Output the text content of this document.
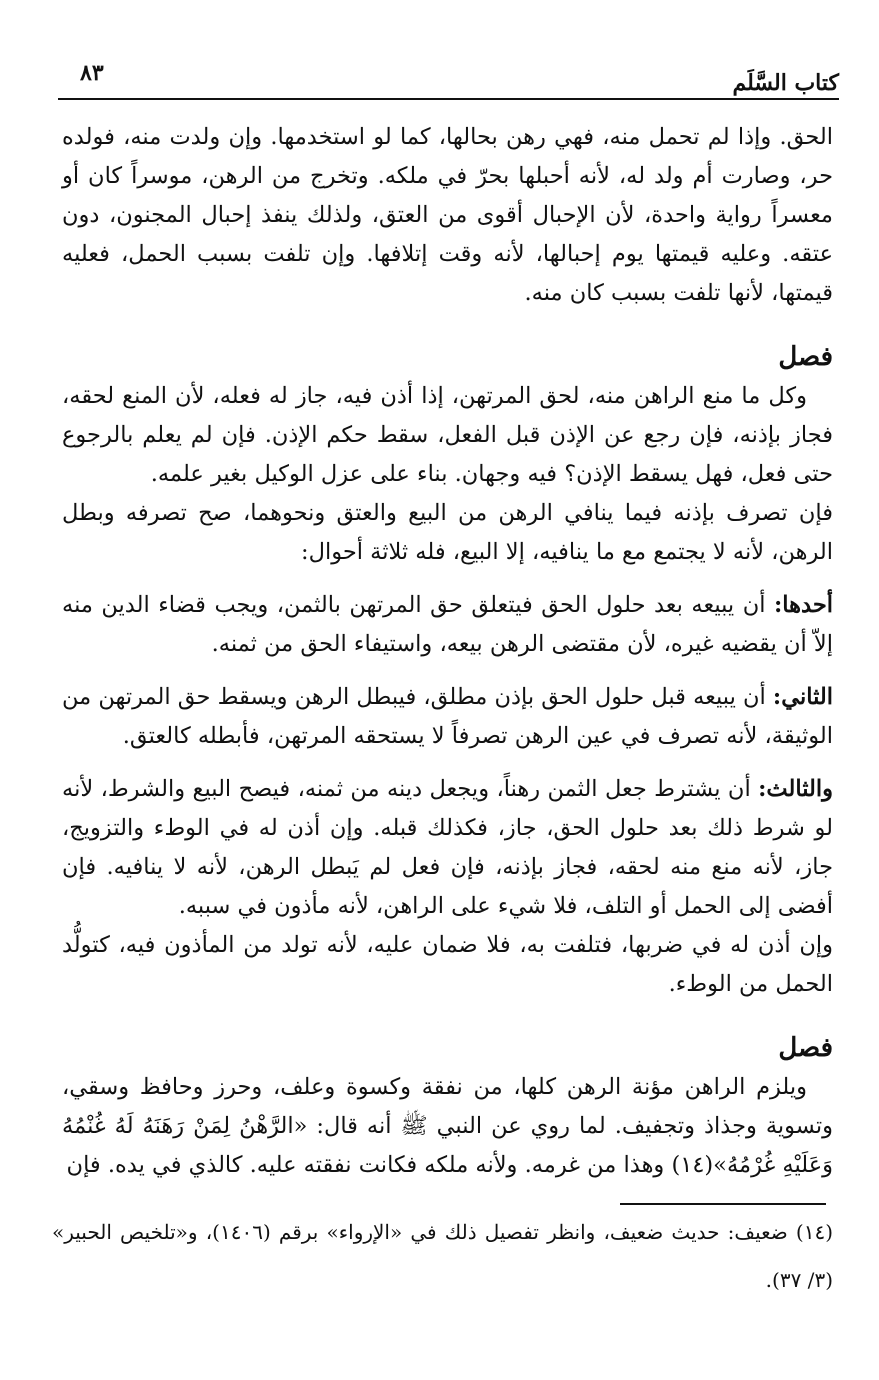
كتاب السَّلَم
٨٣

الحق. وإذا لم تحمل منه، فهي رهن بحالها، كما لو استخدمها. وإن ولدت منه، فولده حر، وصارت أم ولد له، لأنه أحبلها بحرّ في ملكه. وتخرج من الرهن، موسراً كان أو معسراً رواية واحدة، لأن الإحبال أقوى من العتق، ولذلك ينفذ إحبال المجنون، دون عتقه. وعليه قيمتها يوم إحبالها، لأنه وقت إتلافها. وإن تلفت بسبب الحمل، فعليه قيمتها، لأنها تلفت بسبب كان منه.

فصل

وكل ما منع الراهن منه، لحق المرتهن، إذا أذن فيه، جاز له فعله، لأن المنع لحقه، فجاز بإذنه، فإن رجع عن الإذن قبل الفعل، سقط حكم الإذن. فإن لم يعلم بالرجوع حتى فعل، فهل يسقط الإذن؟ فيه وجهان. بناء على عزل الوكيل بغير علمه.

فإن تصرف بإذنه فيما ينافي الرهن من البيع والعتق ونحوهما، صح تصرفه وبطل الرهن، لأنه لا يجتمع مع ما ينافيه، إلا البيع، فله ثلاثة أحوال:

أحدها: أن يبيعه بعد حلول الحق فيتعلق حق المرتهن بالثمن، ويجب قضاء الدين منه إلاّ أن يقضيه غيره، لأن مقتضى الرهن بيعه، واستيفاء الحق من ثمنه.

الثاني: أن يبيعه قبل حلول الحق بإذن مطلق، فيبطل الرهن ويسقط حق المرتهن من الوثيقة، لأنه تصرف في عين الرهن تصرفاً لا يستحقه المرتهن، فأبطله كالعتق.

والثالث: أن يشترط جعل الثمن رهناً، ويجعل دينه من ثمنه، فيصح البيع والشرط، لأنه لو شرط ذلك بعد حلول الحق، جاز، فكذلك قبله. وإن أذن له في الوطء والتزويج، جاز، لأنه منع منه لحقه، فجاز بإذنه، فإن فعل لم يَبطل الرهن، لأنه لا ينافيه. فإن أفضى إلى الحمل أو التلف، فلا شيء على الراهن، لأنه مأذون في سببه.

وإن أذن له في ضربها، فتلفت به، فلا ضمان عليه، لأنه تولد من المأذون فيه، كتولُّد الحمل من الوطء.

فصل

ويلزم الراهن مؤنة الرهن كلها، من نفقة وكسوة وعلف، وحرز وحافظ وسقي، وتسوية وجذاذ وتجفيف. لما روي عن النبي ﷺ أنه قال: «الرَّهْنُ لِمَنْ رَهَنَهُ لَهُ غُنْمُهُ وَعَلَيْهِ غُرْمُهُ»(١٤) وهذا من غرمه. ولأنه ملكه فكانت نفقته عليه. كالذي في يده. فإن

(١٤) ضعيف: حديث ضعيف، وانظر تفصيل ذلك في «الإرواء» برقم (١٤٠٦)، و«تلخيص الحبير» (٣/ ٣٧).
